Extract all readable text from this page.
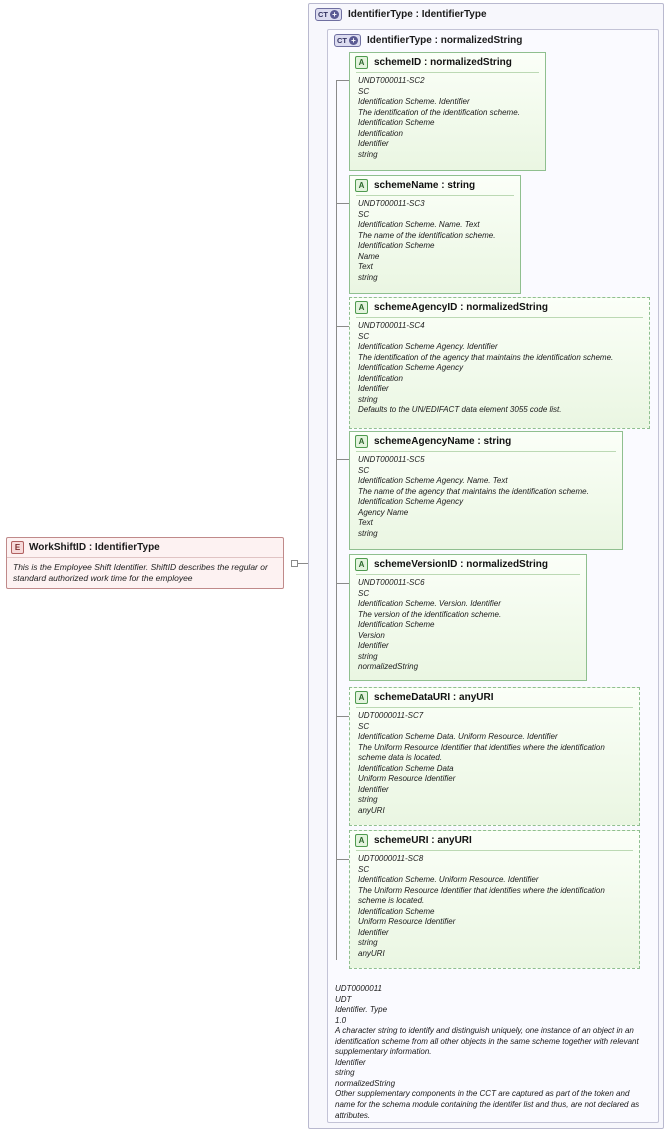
E WorkShiftID : IdentifierType
This is the Employee Shift Identifier. ShiftID describes the regular or standard authorized work time for the employee
CT + IdentifierType : IdentifierType
CT + IdentifierType : normalizedString
A schemeID : normalizedString
UNDT000011-SC2
SC
Identification Scheme. Identifier
The identification of the identification scheme.
Identification Scheme
Identification
Identifier
string
A schemeName : string
UNDT000011-SC3
SC
Identification Scheme. Name. Text
The name of the identification scheme.
Identification Scheme
Name
Text
string
A schemeAgencyID : normalizedString
UNDT000011-SC4
SC
Identification Scheme Agency. Identifier
The identification of the agency that maintains the identification scheme.
Identification Scheme Agency
Identification
Identifier
string
Defaults to the UN/EDIFACT data element 3055 code list.
A schemeAgencyName : string
UNDT000011-SC5
SC
Identification Scheme Agency. Name. Text
The name of the agency that maintains the identification scheme.
Identification Scheme Agency
Agency Name
Text
string
A schemeVersionID : normalizedString
UNDT000011-SC6
SC
Identification Scheme. Version. Identifier
The version of the identification scheme.
Identification Scheme
Version
Identifier
string
normalizedString
A schemeDataURI : anyURI
UDT0000011-SC7
SC
Identification Scheme Data. Uniform Resource. Identifier
The Uniform Resource Identifier that identifies where the identification scheme data is located.
Identification Scheme Data
Uniform Resource Identifier
Identifier
string
anyURI
A schemeURI : anyURI
UDT0000011-SC8
SC
Identification Scheme. Uniform Resource. Identifier
The Uniform Resource Identifier that identifies where the identification scheme is located.
Identification Scheme
Uniform Resource Identifier
Identifier
string
anyURI
UDT0000011
UDT
Identifier. Type
1.0
A character string to identify and distinguish uniquely, one instance of an object in an identification scheme from all other objects in the same scheme together with relevant supplementary information.
Identifier
string
normalizedString
Other supplementary components in the CCT are captured as part of the token and name for the schema module containing the identifer list and thus, are not declared as attributes.
